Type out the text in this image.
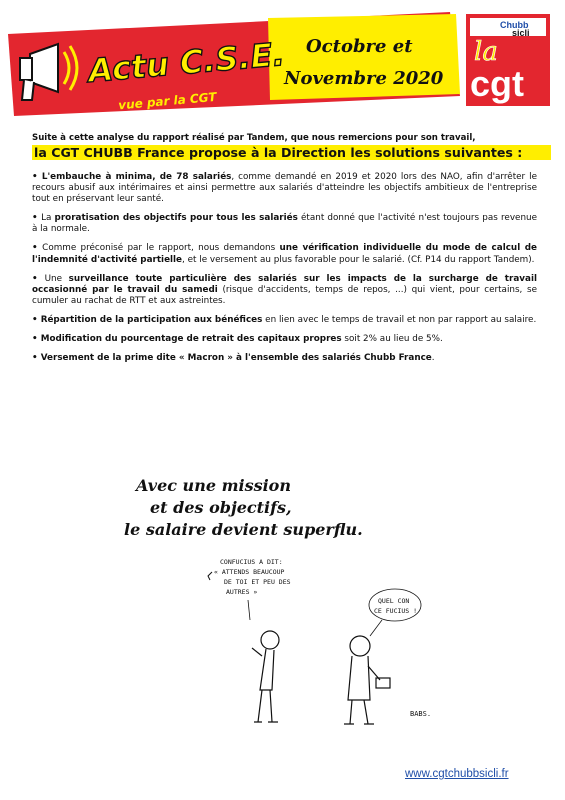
Actu C.S.E.
vue par la CGT
Octobre et
Novembre 2020
Chubb
sicli
la
cgt

Suite à cette analyse du rapport réalisé par Tandem, que nous remercions pour son travail,

la CGT CHUBB France propose à la Direction les solutions suivantes :

• L'embauche à minima, de 78 salariés, comme demandé en 2019 et 2020 lors des NAO, afin d'arrêter le recours abusif aux intérimaires et ainsi permettre aux salariés d'atteindre les objectifs ambitieux de l'entreprise tout en préservant leur santé.
• La proratisation des objectifs pour tous les salariés étant donné que l'activité n'est toujours pas revenue à la normale.
• Comme préconisé par le rapport, nous demandons une vérification individuelle du mode de calcul de l'indemnité d'activité partielle, et le versement au plus favorable pour le salarié. (Cf. P14 du rapport Tandem).
• Une surveillance toute particulière des salariés sur les impacts de la surcharge de travail occasionné par le travail du samedi (risque d'accidents, temps de repos, ...) qui vient, pour certains, se cumuler au rachat de RTT et aux astreintes.
• Répartition de la participation aux bénéfices en lien avec le temps de travail et non par rapport au salaire.
• Modification du pourcentage de retrait des capitaux propres soit 2% au lieu de 5%.
• Versement de la prime dite « Macron » à l'ensemble des salariés Chubb France.

Avec une mission

et des objectifs,

le salaire devient superflu.

CONFUCIUS A DIT:
« ATTENDS BEAUCOUP
DE TOI ET PEU DES
AUTRES »
QUEL CON
CE FUCIUS !
BABS.
www.cgtchubbsicli.fr
